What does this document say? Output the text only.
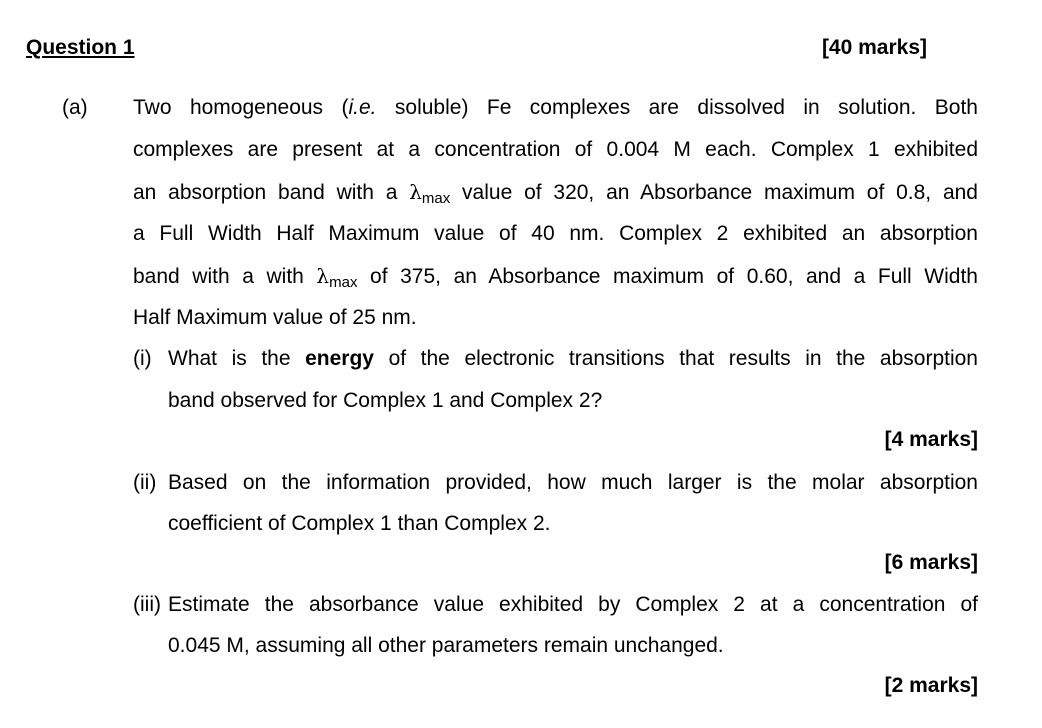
Question 1	[40 marks]
(a) Two homogeneous (i.e. soluble) Fe complexes are dissolved in solution. Both
complexes are present at a concentration of 0.004 M each. Complex 1 exhibited
an absorption band with a λmax value of 320, an Absorbance maximum of 0.8, and
a Full Width Half Maximum value of 40 nm. Complex 2 exhibited an absorption
band with a with λmax of 375, an Absorbance maximum of 0.60, and a Full Width
Half Maximum value of 25 nm.
(i) What is the energy of the electronic transitions that results in the absorption
band observed for Complex 1 and Complex 2?
[4 marks]
(ii) Based on the information provided, how much larger is the molar absorption
coefficient of Complex 1 than Complex 2.
[6 marks]
(iii) Estimate the absorbance value exhibited by Complex 2 at a concentration of
0.045 M, assuming all other parameters remain unchanged.
[2 marks]
